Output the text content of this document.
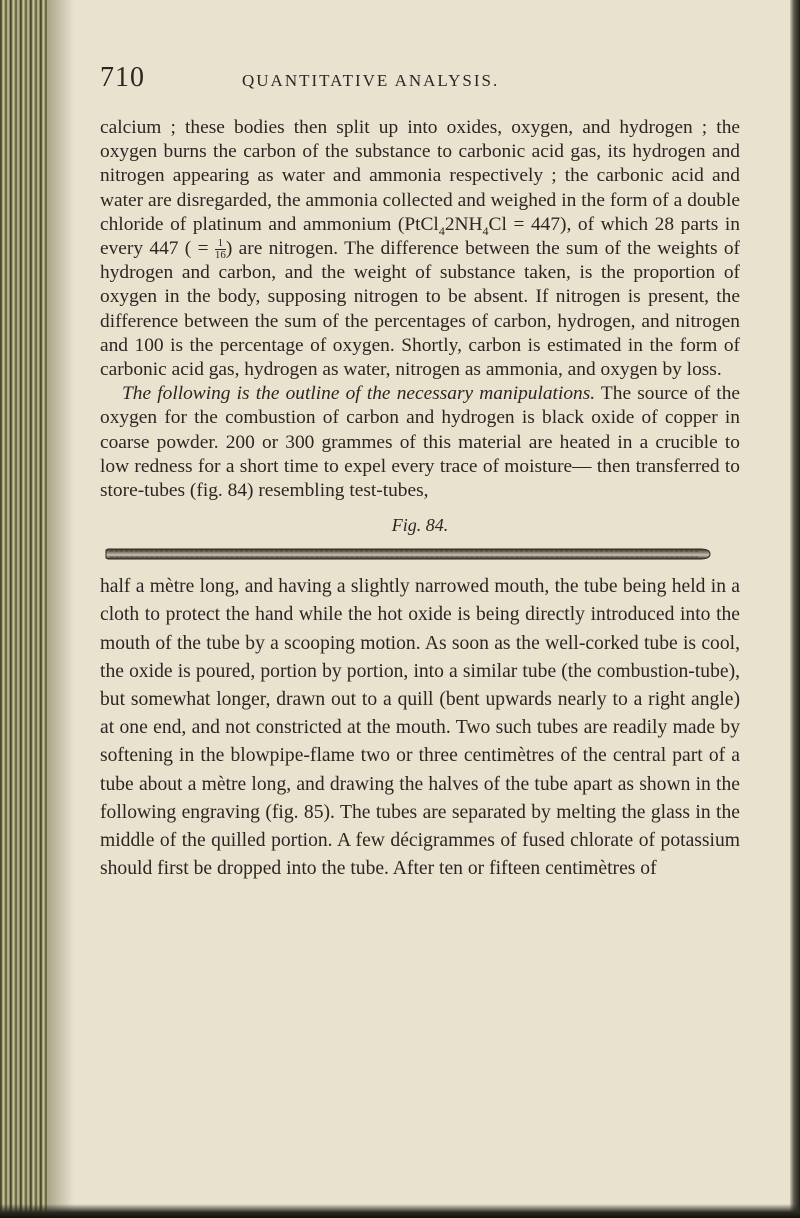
710	QUANTITATIVE ANALYSIS.

calcium ; these bodies then split up into oxides, oxygen, and hydrogen ; the oxygen burns the carbon of the substance to carbonic acid gas, its hydrogen and nitrogen appearing as water and ammonia respectively ; the carbonic acid and water are disregarded, the ammonia collected and weighed in the form of a double chloride of platinum and ammonium $(PtCl_42NH_4Cl = 447)$, of which 28 parts in every 447 ( = $\frac{1}{16}$ ) are nitrogen. The difference between the sum of the weights of hydrogen and carbon, and the weight of substance taken, is the proportion of oxygen in the body, supposing nitrogen to be absent. If nitrogen is present, the difference between the sum of the percentages of carbon, hydrogen, and nitrogen and 100 is the percentage of oxygen. Shortly, carbon is estimated in the form of carbonic acid gas, hydrogen as water, nitrogen as ammonia, and oxygen by loss.

The following is the outline of the necessary manipulations. The source of the oxygen for the combustion of carbon and hydrogen is black oxide of copper in coarse powder. 200 or 300 grammes of this material are heated in a crucible to low redness for a short time to expel every trace of moisture— then transferred to store-tubes (fig. 84) resembling test-tubes,

Fig. 84.

half a mètre long, and having a slightly narrowed mouth, the tube being held in a cloth to protect the hand while the hot oxide is being directly introduced into the mouth of the tube by a scooping motion. As soon as the well-corked tube is cool, the oxide is poured, portion by portion, into a similar tube (the combustion-tube), but somewhat longer, drawn out to a quill (bent upwards nearly to a right angle) at one end, and not constricted at the mouth. Two such tubes are readily made by softening in the blowpipe-flame two or three centimètres of the central part of a tube about a mètre long, and drawing the halves of the tube apart as shown in the following engraving (fig. 85). The tubes are separated by melting the glass in the middle of the quilled portion. A few décigrammes of fused chlorate of potassium should first be dropped into the tube. After ten or fifteen centimètres of
